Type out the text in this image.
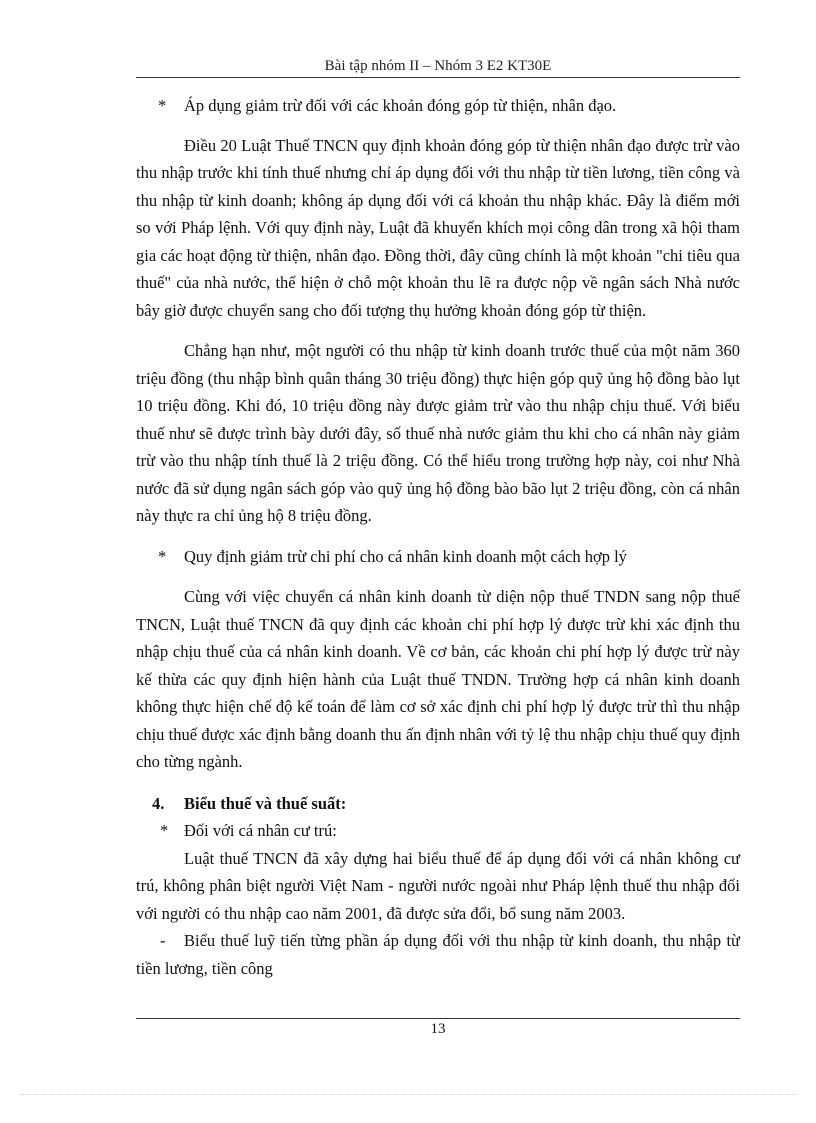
Bài tập nhóm II – Nhóm 3 E2 KT30E
* Áp dụng giảm trừ đối với các khoản đóng góp từ thiện, nhân đạo.

Điều 20 Luật Thuế TNCN quy định khoản đóng góp từ thiện nhân đạo được trừ vào thu nhập trước khi tính thuế nhưng chỉ áp dụng đối với thu nhập từ tiền lương, tiền công và thu nhập từ kinh doanh; không áp dụng đối với cá khoản thu nhập khác. Đây là điểm mới so với Pháp lệnh. Với quy định này, Luật đã khuyến khích mọi công dân trong xã hội tham gia các hoạt động từ thiện, nhân đạo. Đồng thời, đây cũng chính là một khoản "chi tiêu qua thuế" của nhà nước, thể hiện ở chỗ một khoản thu lẽ ra được nộp về ngân sách Nhà nước bây giờ được chuyển sang cho đối tượng thụ hưởng khoản đóng góp từ thiện.

Chẳng hạn như, một người có thu nhập từ kinh doanh trước thuế của một năm 360 triệu đồng (thu nhập bình quân tháng 30 triệu đồng) thực hiện góp quỹ ủng hộ đồng bào lụt 10 triệu đồng. Khi đó, 10 triệu đồng này được giảm trừ vào thu nhập chịu thuế. Với biểu thuế như sẽ được trình bày dưới đây, số thuế nhà nước giảm thu khi cho cá nhân này giảm trừ vào thu nhập tính thuế là 2 triệu đồng. Có thể hiểu trong trường hợp này, coi như Nhà nước đã sử dụng ngân sách góp vào quỹ ủng hộ đồng bào bão lụt 2 triệu đồng, còn cá nhân này thực ra chỉ ủng hộ 8 triệu đồng.

* Quy định giảm trừ chi phí cho cá nhân kinh doanh một cách hợp lý

Cùng với việc chuyển cá nhân kinh doanh từ diện nộp thuế TNDN sang nộp thuế TNCN, Luật thuế TNCN đã quy định các khoản chi phí hợp lý được trừ khi xác định thu nhập chịu thuế của cá nhân kinh doanh. Về cơ bản, các khoản chi phí hợp lý được trừ này kế thừa các quy định hiện hành của Luật thuế TNDN. Trường hợp cá nhân kinh doanh không thực hiện chế độ kế toán để làm cơ sở xác định chi phí hợp lý được trừ thì thu nhập chịu thuế được xác định bằng doanh thu ấn định nhân với tỷ lệ thu nhập chịu thuế quy định cho từng ngành.

4. Biểu thuế và thuế suất:
* Đối với cá nhân cư trú:

Luật thuế TNCN đã xây dựng hai biểu thuế để áp dụng đối với cá nhân không cư trú, không phân biệt người Việt Nam - người nước ngoài như Pháp lệnh thuế thu nhập đối với người có thu nhập cao năm 2001, đã được sửa đổi, bổ sung năm 2003.

- Biểu thuế luỹ tiến từng phần áp dụng đối với thu nhập từ kinh doanh, thu nhập từ tiền lương, tiền công
13
